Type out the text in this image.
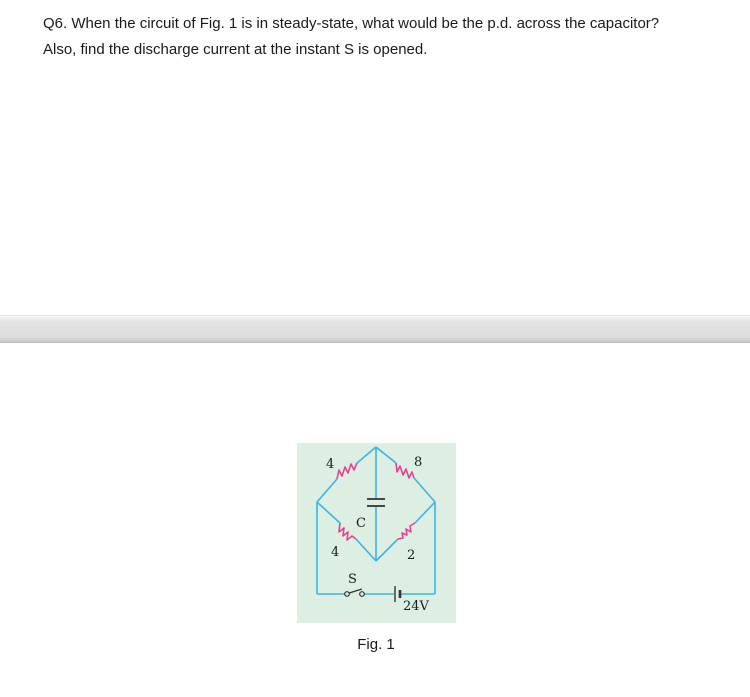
Q6. When the circuit of Fig. 1 is in steady-state, what would be the p.d. across the capacitor?
Also, find the discharge current at the instant S is opened.

4	8
4	2
C
S
24V
Fig. 1
